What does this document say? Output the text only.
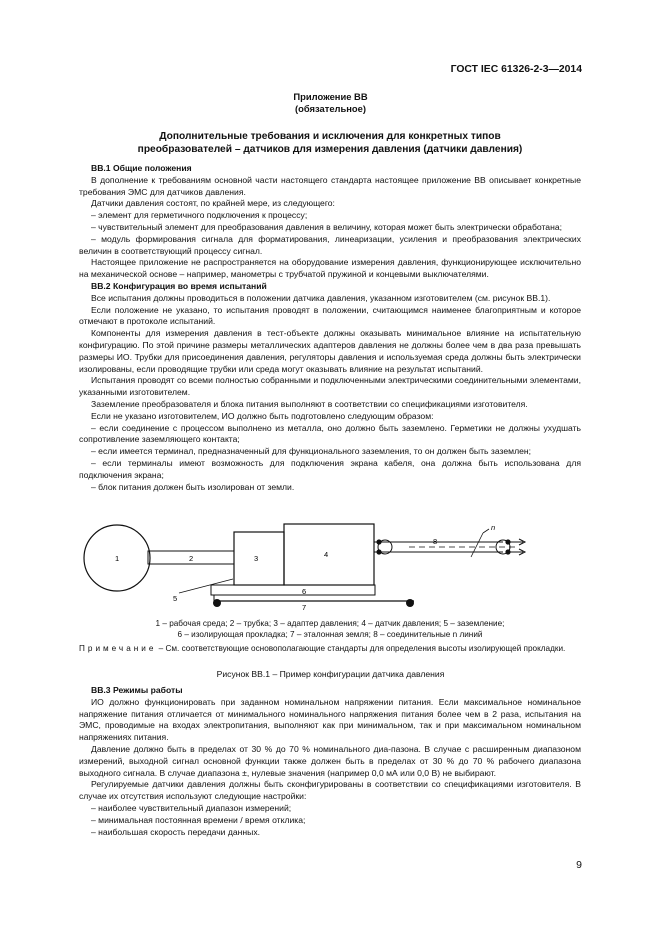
ГОСТ IEC 61326-2-3—2014
Приложение ВВ
(обязательное)
Дополнительные требования и исключения для конкретных типов
преобразователей – датчиков для измерения давления (датчики давления)

ВВ.1 Общие положения

В дополнение к требованиям основной части настоящего стандарта настоящее приложение ВВ описывает конкретные требования ЭМС для датчиков давления.

Датчики давления состоят, по крайней мере, из следующего:

– элемент для герметичного подключения к процессу;

– чувствительный элемент для преобразования давления в величину, которая может быть электрически обработана;

– модуль формирования сигнала для форматирования, линеаризации, усиления и преобразования электрических величин в соответствующий процессу сигнал.

Настоящее приложение не распространяется на оборудование измерения давления, функционирующее исключительно на механической основе – например, манометры с трубчатой пружиной и концевыми выключателями.

ВВ.2 Конфигурация во время испытаний

Все испытания должны проводиться в положении датчика давления, указанном изготовителем (см. рисунок ВВ.1).

Если положение не указано, то испытания проводят в положении, считающимся наименее благоприятным и которое отмечают в протоколе испытаний.

Компоненты для измерения давления в тест-объекте должны оказывать минимальное влияние на испытательную конфигурацию. По этой причине размеры металлических адаптеров давления не должны более чем в два раза превышать размеры ИО. Трубки для присоединения давления, регуляторы давления и используемая среда должны быть электрически изолированы, если проводящие трубки или среда могут оказывать влияние на результат испытаний.

Испытания проводят со всеми полностью собранными и подключенными электрическими соединительными элементами, указанными изготовителем.

Заземление преобразователя и блока питания выполняют в соответствии со спецификациями изготовителя.

Если не указано изготовителем, ИО должно быть подготовлено следующим образом:

– если соединение с процессом выполнено из металла, оно должно быть заземлено. Герметики не должны ухудшать сопротивление заземляющего контакта;

– если имеется терминал, предназначенный для функционального заземления, то он должен быть заземлен;

– если терминалы имеют возможность для подключения экрана кабеля, она должна быть использована для подключения экрана;

– блок питания должен быть изолирован от земли.

1	2	3	4
5
6
7
8
n
1 – рабочая среда; 2 – трубка; 3 – адаптер давления; 4 – датчик давления; 5 – заземление;
6 – изолирующая прокладка; 7 – эталонная земля; 8 – соединительные n линий
Примечание – См. соответствующие основополагающие стандарты для определения высоты изолирующей прокладки.
Рисунок ВВ.1 – Пример конфигурации датчика давления

ВВ.3 Режимы работы

ИО должно функционировать при заданном номинальном напряжении питания. Если максимальное номинальное напряжение питания отличается от минимального номинального напряжения питания более чем в 2 раза, испытания на ЭМС, проводимые на входах электропитания, выполняют как при минимальном, так и при максимальном номинальном напряжениях питания.

Давление должно быть в пределах от 30 % до 70 % номинального диа-пазона. В случае с расширенным диапазоном измерений, выходной сигнал основной функции также должен быть в пределах от 30 % до 70 % рабочего диапазона выходного сигнала. В случае диапазона ±, нулевые значения (например 0,0 мА или 0,0 В) не выбирают.

Регулируемые датчики давления должны быть сконфигурированы в соответствии со спецификациями изготовителя. В случае их отсутствия используют следующие настройки:

– наиболее чувствительный диапазон измерений;

– минимальная постоянная времени / время отклика;

– наибольшая скорость передачи данных.

9
